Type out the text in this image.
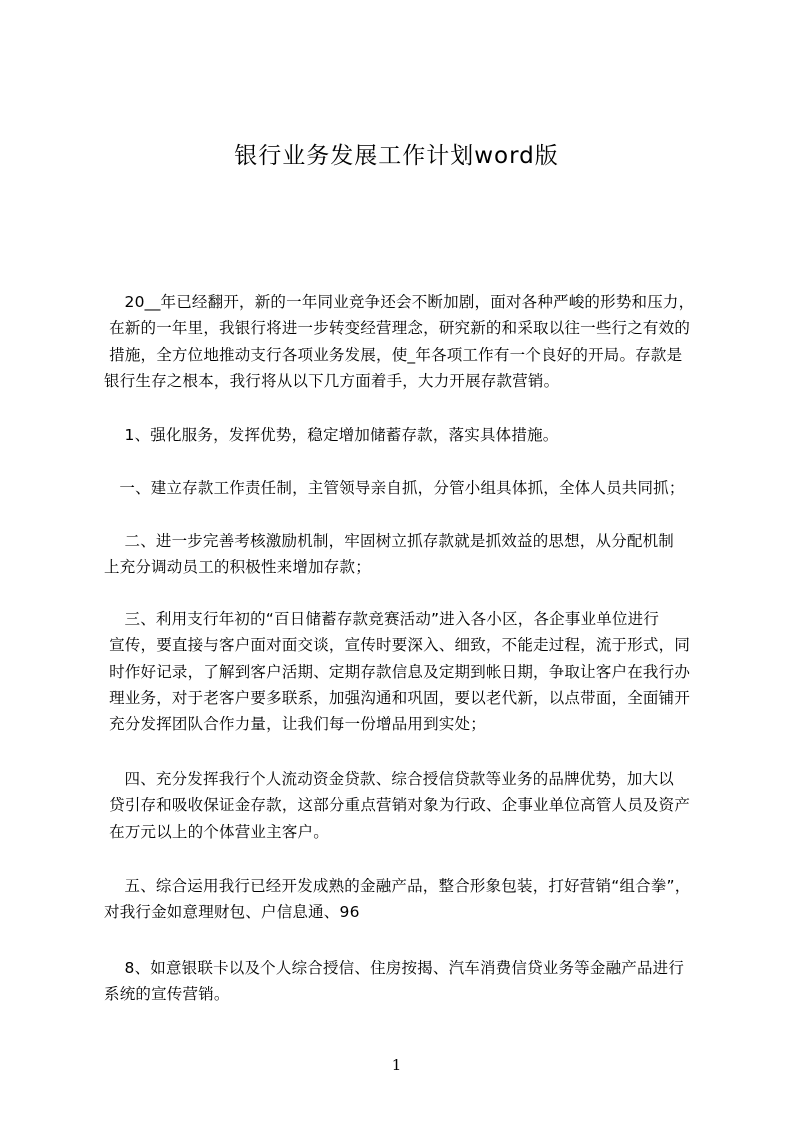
银行业务发展工作计划word版

20__年已经翻开，新的一年同业竞争还会不断加剧，面对各种严峻的形势和压力，
在新的一年里，我银行将进一步转变经营理念，研究新的和采取以往一些行之有效的
措施，全方位地推动支行各项业务发展，使_年各项工作有一个良好的开局。存款是
银行生存之根本，我行将从以下几方面着手，大力开展存款营销。

1、强化服务，发挥优势，稳定增加储蓄存款，落实具体措施。

一、建立存款工作责任制，主管领导亲自抓，分管小组具体抓，全体人员共同抓；

二、进一步完善考核激励机制，牢固树立抓存款就是抓效益的思想，从分配机制
上充分调动员工的积极性来增加存款；

三、利用支行年初的“百日储蓄存款竞赛活动”进入各小区，各企事业单位进行
宣传，要直接与客户面对面交谈，宣传时要深入、细致，不能走过程，流于形式，同
时作好记录，了解到客户活期、定期存款信息及定期到帐日期，争取让客户在我行办
理业务，对于老客户要多联系，加强沟通和巩固，要以老代新，以点带面，全面铺开
充分发挥团队合作力量，让我们每一份增品用到实处；

四、充分发挥我行个人流动资金贷款、综合授信贷款等业务的品牌优势，加大以
贷引存和吸收保证金存款，这部分重点营销对象为行政、企事业单位高管人员及资产
在万元以上的个体营业主客户。

五、综合运用我行已经开发成熟的金融产品，整合形象包装，打好营销“组合拳”，
对我行金如意理财包、户信息通、96

8、如意银联卡以及个人综合授信、住房按揭、汽车消费信贷业务等金融产品进行
系统的宣传营销。

1
